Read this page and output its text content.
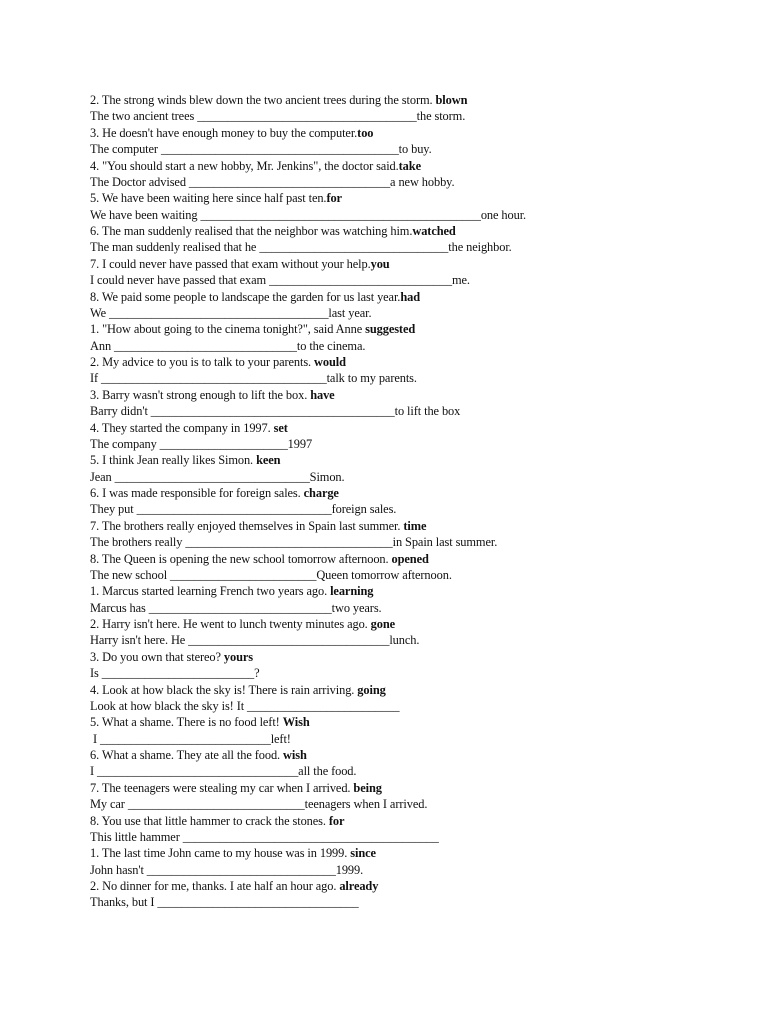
2. The strong winds blew down the two ancient trees during the storm. blown
The two ancient trees ____________________________________the storm.
3. He doesn't have enough money to buy the computer.too
The computer _______________________________________to buy.
4. "You should start a new hobby, Mr. Jenkins", the doctor said.take
The Doctor advised _________________________________a new hobby.
5. We have been waiting here since half past ten.for
We have been waiting ______________________________________________one hour.
6. The man suddenly realised that the neighbor was watching him.watched
The man suddenly realised that he _______________________________the neighbor.
7. I could never have passed that exam without your help.you
I could never have passed that exam ______________________________me.
8. We paid some people to landscape the garden for us last year.had
We ____________________________________last year.
1. "How about going to the cinema tonight?", said Anne suggested
Ann ______________________________to the cinema.
2. My advice to you is to talk to your parents. would
If _____________________________________talk to my parents.
3. Barry wasn't strong enough to lift the box. have
Barry didn't ________________________________________to lift the box
4. They started the company in 1997. set
The company _____________________1997
5. I think Jean really likes Simon. keen
Jean ________________________________Simon.
6. I was made responsible for foreign sales. charge
They put ________________________________foreign sales.
7. The brothers really enjoyed themselves in Spain last summer. time
The brothers really __________________________________in Spain last summer.
8. The Queen is opening the new school tomorrow afternoon. opened
The new school ________________________Queen tomorrow afternoon.
1. Marcus started learning French two years ago. learning
Marcus has ______________________________two years.
2. Harry isn't here. He went to lunch twenty minutes ago. gone
Harry isn't here. He _________________________________lunch.
3. Do you own that stereo? yours
Is _________________________?
4. Look at how black the sky is! There is rain arriving. going
Look at how black the sky is! It _________________________
5. What a shame. There is no food left! Wish
I ____________________________left!
6. What a shame. They ate all the food. wish
I _________________________________all the food.
7. The teenagers were stealing my car when I arrived. being
My car _____________________________teenagers when I arrived.
8. You use that little hammer to crack the stones. for
This little hammer __________________________________________
1. The last time John came to my house was in 1999. since
John hasn't _______________________________1999.
2. No dinner for me, thanks. I ate half an hour ago. already
Thanks, but I _________________________________
